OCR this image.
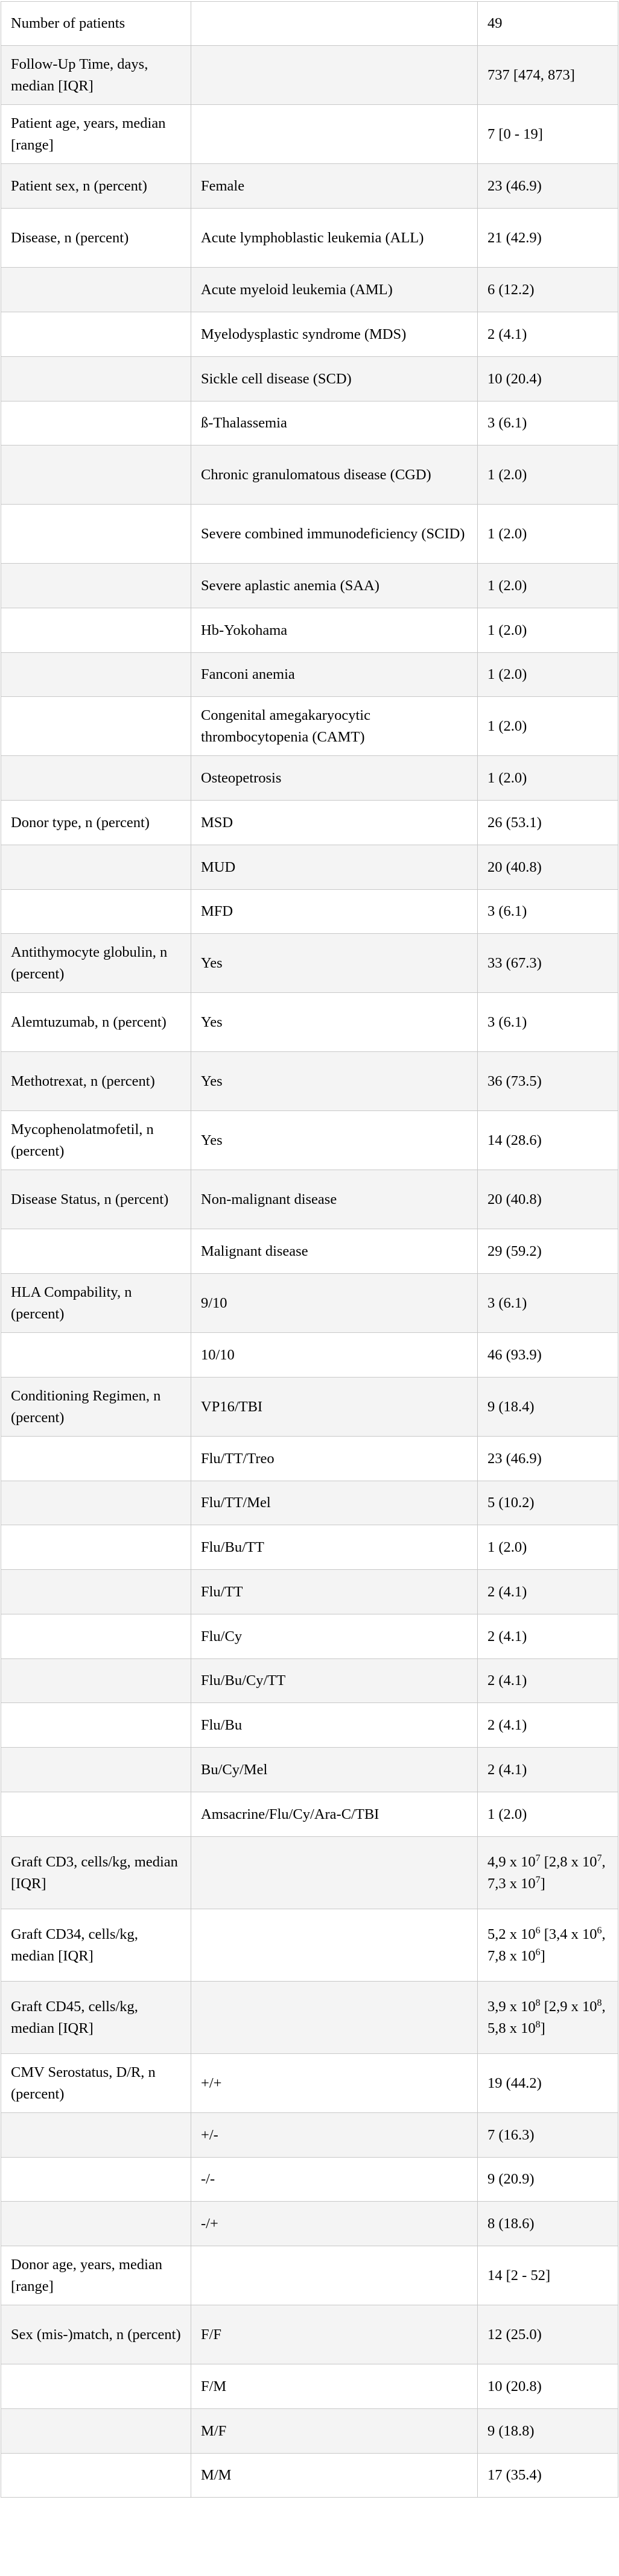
Number of patients		49
Follow-Up Time, days, median [IQR]		737 [474, 873]
Patient age, years, median [range]		7 [0 - 19]
Patient sex, n (percent)	Female	23 (46.9)
Disease, n (percent)	Acute lymphoblastic leukemia (ALL)	21 (42.9)
	Acute myeloid leukemia (AML)	6 (12.2)
	Myelodysplastic syndrome (MDS)	2 (4.1)
	Sickle cell disease (SCD)	10 (20.4)
	ß-Thalassemia	3 (6.1)
	Chronic granulomatous disease (CGD)	1 (2.0)
	Severe combined immunodeficiency (SCID)	1 (2.0)
	Severe aplastic anemia (SAA)	1 (2.0)
	Hb-Yokohama	1 (2.0)
	Fanconi anemia	1 (2.0)
	Congenital amegakaryocytic thrombocytopenia (CAMT)	1 (2.0)
	Osteopetrosis	1 (2.0)
Donor type, n (percent)	MSD	26 (53.1)
	MUD	20 (40.8)
	MFD	3 (6.1)
Antithymocyte globulin, n (percent)	Yes	33 (67.3)
Alemtuzumab, n (percent)	Yes	3 (6.1)
Methotrexat, n (percent)	Yes	36 (73.5)
Mycophenolatmofetil, n (percent)	Yes	14 (28.6)
Disease Status, n (percent)	Non-malignant disease	20 (40.8)
	Malignant disease	29 (59.2)
HLA Compability, n (percent)	9/10	3 (6.1)
	10/10	46 (93.9)
Conditioning Regimen, n (percent)	VP16/TBI	9 (18.4)
	Flu/TT/Treo	23 (46.9)
	Flu/TT/Mel	5 (10.2)
	Flu/Bu/TT	1 (2.0)
	Flu/TT	2 (4.1)
	Flu/Cy	2 (4.1)
	Flu/Bu/Cy/TT	2 (4.1)
	Flu/Bu	2 (4.1)
	Bu/Cy/Mel	2 (4.1)
	Amsacrine/Flu/Cy/Ara-C/TBI	1 (2.0)
Graft CD3, cells/kg, median [IQR]		4,9 x $10^7$ [2,8 x $10^7$, 7,3 x $10^7$]
Graft CD34, cells/kg, median [IQR]		5,2 x $10^6$ [3,4 x $10^6$, 7,8 x $10^6$]
Graft CD45, cells/kg, median [IQR]		3,9 x $10^8$ [2,9 x $10^8$, 5,8 x $10^8$]
CMV Serostatus, D/R, n (percent)	+/+	19 (44.2)
	+/-	7 (16.3)
	-/-	9 (20.9)
	-/+	8 (18.6)
Donor age, years, median [range]		14 [2 - 52]
Sex (mis-)match, n (percent)	F/F	12 (25.0)
	F/M	10 (20.8)
	M/F	9 (18.8)
	M/M	17 (35.4)
